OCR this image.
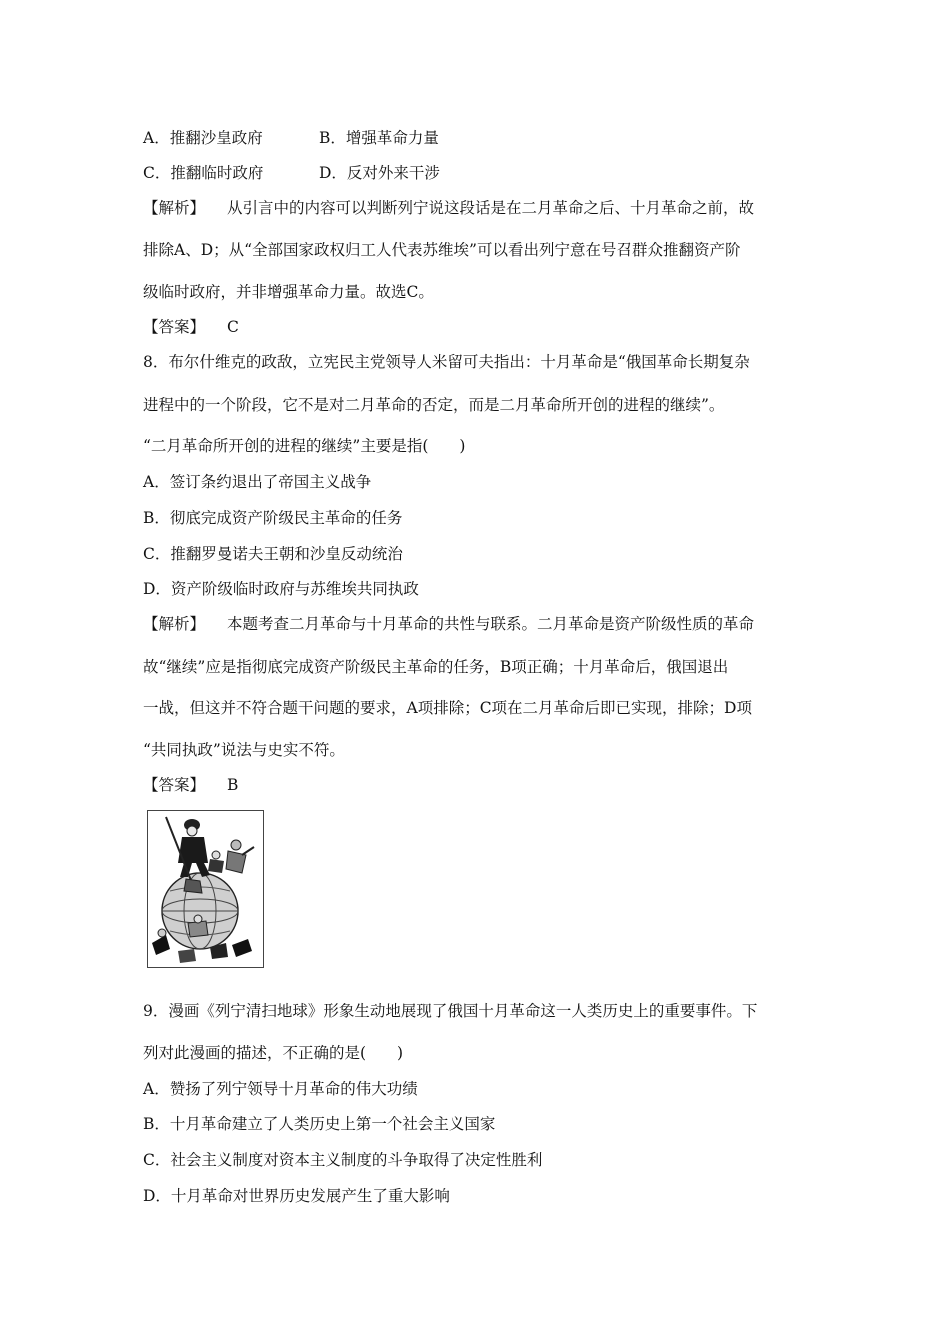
A．推翻沙皇政府	B．增强革命力量
C．推翻临时政府	D．反对外来干涉
【解析】 从引言中的内容可以判断列宁说这段话是在二月革命之后、十月革命之前，故
排除A、D；从“全部国家政权归工人代表苏维埃”可以看出列宁意在号召群众推翻资产阶
级临时政府，并非增强革命力量。故选C。
【答案】 C
8．布尔什维克的政敌，立宪民主党领导人米留可夫指出：十月革命是“俄国革命长期复杂
进程中的一个阶段，它不是对二月革命的否定，而是二月革命所开创的进程的继续”。
“二月革命所开创的进程的继续”主要是指(　　)
A．签订条约退出了帝国主义战争
B．彻底完成资产阶级民主革命的任务
C．推翻罗曼诺夫王朝和沙皇反动统治
D．资产阶级临时政府与苏维埃共同执政
【解析】 本题考查二月革命与十月革命的共性与联系。二月革命是资产阶级性质的革命
故“继续”应是指彻底完成资产阶级民主革命的任务，B项正确；十月革命后，俄国退出
一战，但这并不符合题干问题的要求，A项排除；C项在二月革命后即已实现，排除；D项
“共同执政”说法与史实不符。
【答案】 B
9．漫画《列宁清扫地球》形象生动地展现了俄国十月革命这一人类历史上的重要事件。下
列对此漫画的描述，不正确的是(　　)
A．赞扬了列宁领导十月革命的伟大功绩
B．十月革命建立了人类历史上第一个社会主义国家
C．社会主义制度对资本主义制度的斗争取得了决定性胜利
D．十月革命对世界历史发展产生了重大影响
